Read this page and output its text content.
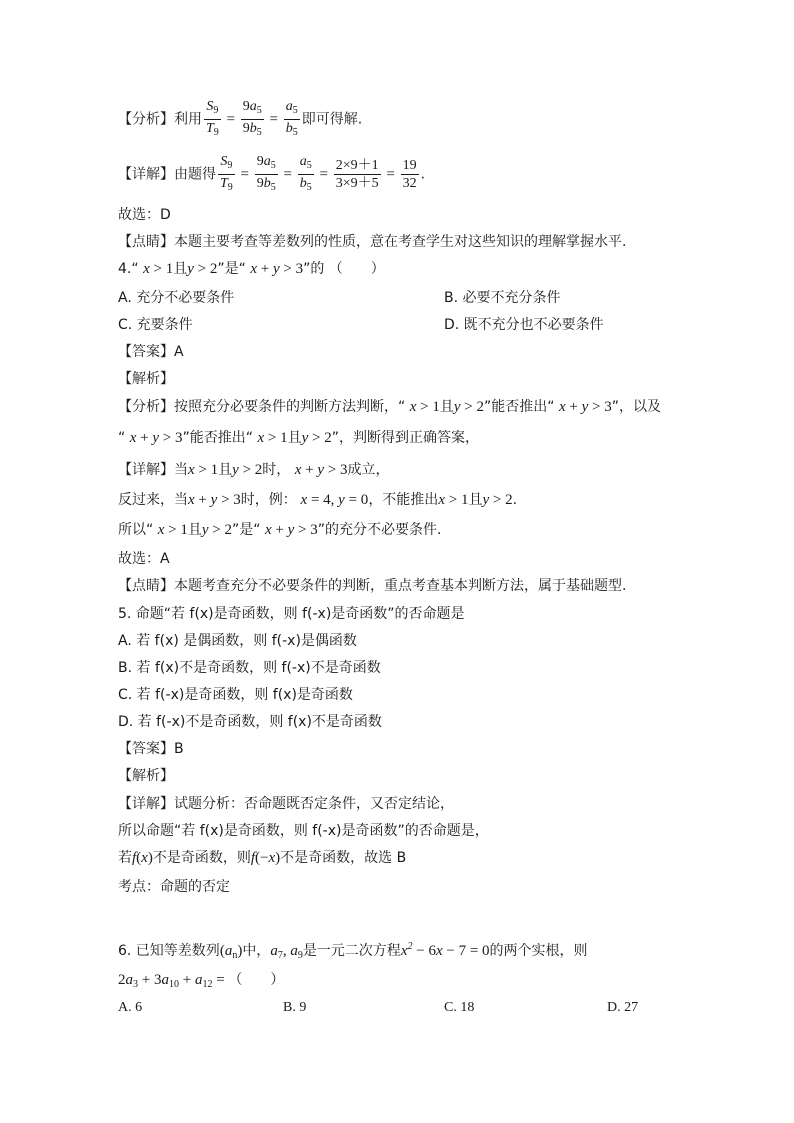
【分析】利用 $\frac{S_9}{T_9} = \frac{9a_5}{9b_5} = \frac{a_5}{b_5}$ 即可得解.
【详解】由题得 $\frac{S_9}{T_9} = \frac{9a_5}{9b_5} = \frac{a_5}{b_5} = \frac{2\times 9+1}{3\times 9+5} = \frac{19}{32}$ .
故选：D
【点睛】本题主要考查等差数列的性质，意在考查学生对这些知识的理解掌握水平.
4.“ x > 1且y > 2”是“ x + y > 3”的 （　　）
A. 充分不必要条件	B. 必要不充分条件
C. 充要条件	D. 既不充分也不必要条件
【答案】A
【解析】
【分析】按照充分必要条件的判断方法判断，“ x > 1且y > 2”能否推出“ x + y > 3”，以及
“ x + y > 3”能否推出“ x > 1且y > 2”，判断得到正确答案，
【详解】当x > 1且y > 2时， x + y > 3成立，
反过来，当x + y > 3时，例： x = 4, y = 0，不能推出x > 1且y > 2.
所以“ x > 1且y > 2”是“ x + y > 3”的充分不必要条件.
故选：A
【点睛】本题考查充分不必要条件的判断，重点考查基本判断方法，属于基础题型.
5. 命题“若 f(x)是奇函数，则 f(-x)是奇函数”的否命题是
A. 若 f(x) 是偶函数，则 f(-x)是偶函数
B. 若 f(x)不是奇函数，则 f(-x)不是奇函数
C. 若 f(-x)是奇函数，则 f(x)是奇函数
D. 若 f(-x)不是奇函数，则 f(x)不是奇函数
【答案】B
【解析】
【详解】试题分析：否命题既否定条件，又否定结论，
所以命题“若 f(x)是奇函数，则 f(-x)是奇函数”的否命题是，
若f(x)不是奇函数，则f(−x)不是奇函数，故选 B
考点：命题的否定
6. 已知等差数列$(a_n)$中，$a_7$, $a_9$是一元二次方程$x^2 - 6x - 7 = 0$的两个实根，则
$2a_3 + 3a_{10} + a_{12}$ = （　　）
A. 6	B. 9	C. 18	D. 27
